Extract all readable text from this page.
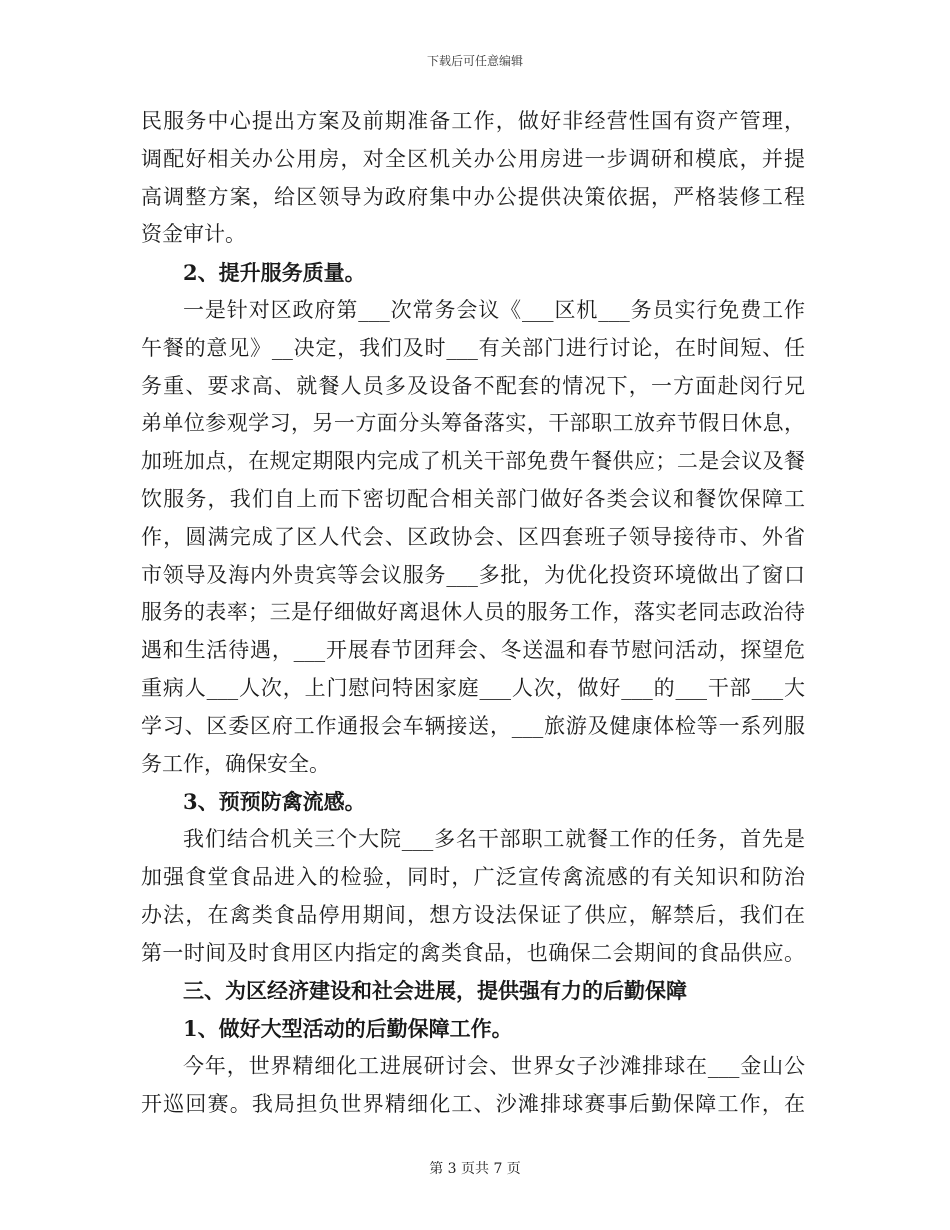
下载后可任意编辑
民服务中心提出方案及前期准备工作，做好非经营性国有资产管理，
调配好相关办公用房，对全区机关办公用房进一步调研和模底，并提
高调整方案，给区领导为政府集中办公提供决策依据，严格装修工程
资金审计。
2、提升服务质量。
一是针对区政府第___次常务会议《___区机___务员实行免费工作
午餐的意见》__决定，我们及时___有关部门进行讨论，在时间短、任
务重、要求高、就餐人员多及设备不配套的情况下，一方面赴闵行兄
弟单位参观学习，另一方面分头筹备落实，干部职工放弃节假日休息，
加班加点，在规定期限内完成了机关干部免费午餐供应；二是会议及餐
饮服务，我们自上而下密切配合相关部门做好各类会议和餐饮保障工
作，圆满完成了区人代会、区政协会、区四套班子领导接待市、外省
市领导及海内外贵宾等会议服务___多批，为优化投资环境做出了窗口
服务的表率；三是仔细做好离退休人员的服务工作，落实老同志政治待
遇和生活待遇，___开展春节团拜会、冬送温和春节慰问活动，探望危
重病人___人次，上门慰问特困家庭___人次，做好___的___干部___大
学习、区委区府工作通报会车辆接送，___旅游及健康体检等一系列服
务工作，确保安全。
3、预预防禽流感。
我们结合机关三个大院___多名干部职工就餐工作的任务，首先是
加强食堂食品进入的检验，同时，广泛宣传禽流感的有关知识和防治
办法，在禽类食品停用期间，想方设法保证了供应，解禁后，我们在
第一时间及时食用区内指定的禽类食品，也确保二会期间的食品供应。
三、为区经济建设和社会进展，提供强有力的后勤保障
1、做好大型活动的后勤保障工作。
今年，世界精细化工进展研讨会、世界女子沙滩排球在___金山公
开巡回赛。我局担负世界精细化工、沙滩排球赛事后勤保障工作，在
第 3 页共 7 页
